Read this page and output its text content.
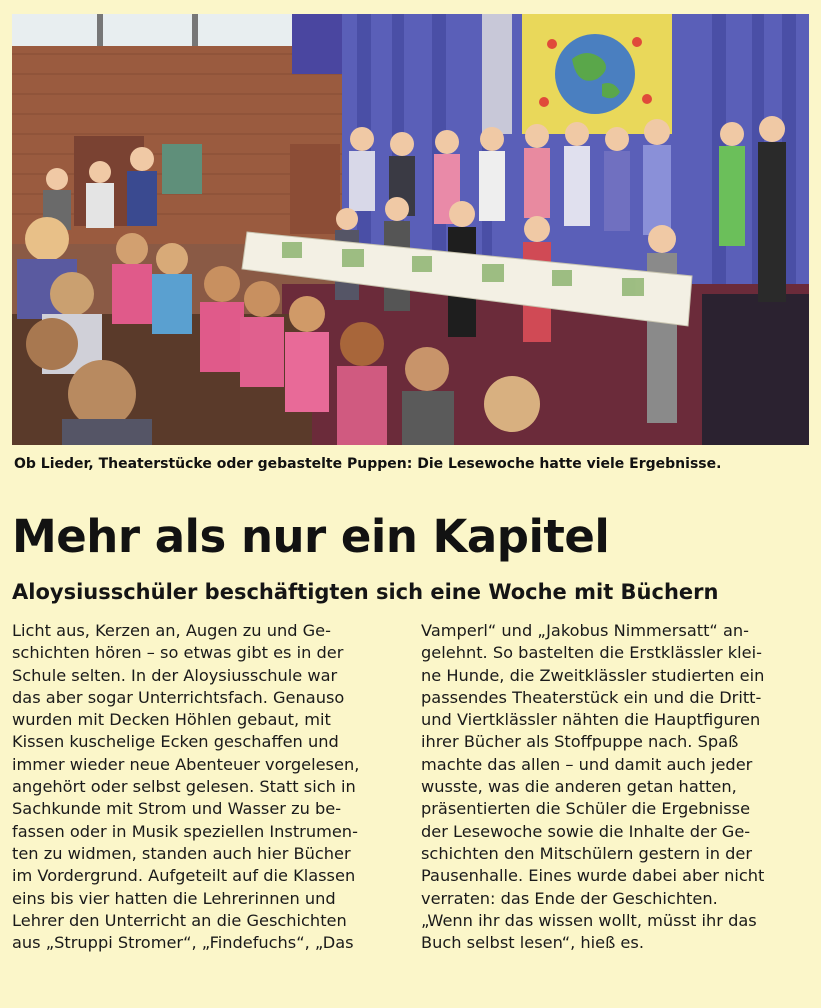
Ob Lieder, Theaterstücke oder gebastelte Puppen: Die Lesewoche hatte viele Ergebnisse.
Mehr als nur ein Kapitel
Aloysiusschüler beschäftigten sich eine Woche mit Büchern
Licht aus, Kerzen an, Augen zu und Ge-
schichten hören – so etwas gibt es in der
Schule selten. In der Aloysiusschule war
das aber sogar Unterrichtsfach. Genauso
wurden mit Decken Höhlen gebaut, mit
Kissen kuschelige Ecken geschaffen und
immer wieder neue Abenteuer vorgelesen,
angehört oder selbst gelesen. Statt sich in
Sachkunde mit Strom und Wasser zu be-
fassen oder in Musik speziellen Instrumen-
ten zu widmen, standen auch hier Bücher
im Vordergrund. Aufgeteilt auf die Klassen
eins bis vier hatten die Lehrerinnen und
Lehrer den Unterricht an die Geschichten
aus „Struppi Stromer“, „Findefuchs“, „Das
Vamperl“ und „Jakobus Nimmersatt“ an-
gelehnt. So bastelten die Erstklässler klei-
ne Hunde, die Zweitklässler studierten ein
passendes Theaterstück ein und die Dritt-
und Viertklässler nähten die Hauptfiguren
ihrer Bücher als Stoffpuppe nach. Spaß
machte das allen – und damit auch jeder
wusste, was die anderen getan hatten,
präsentierten die Schüler die Ergebnisse
der Lesewoche sowie die Inhalte der Ge-
schichten den Mitschülern gestern in der
Pausenhalle. Eines wurde dabei aber nicht
verraten: das Ende der Geschichten.
„Wenn ihr das wissen wollt, müsst ihr das
Buch selbst lesen“, hieß es.
